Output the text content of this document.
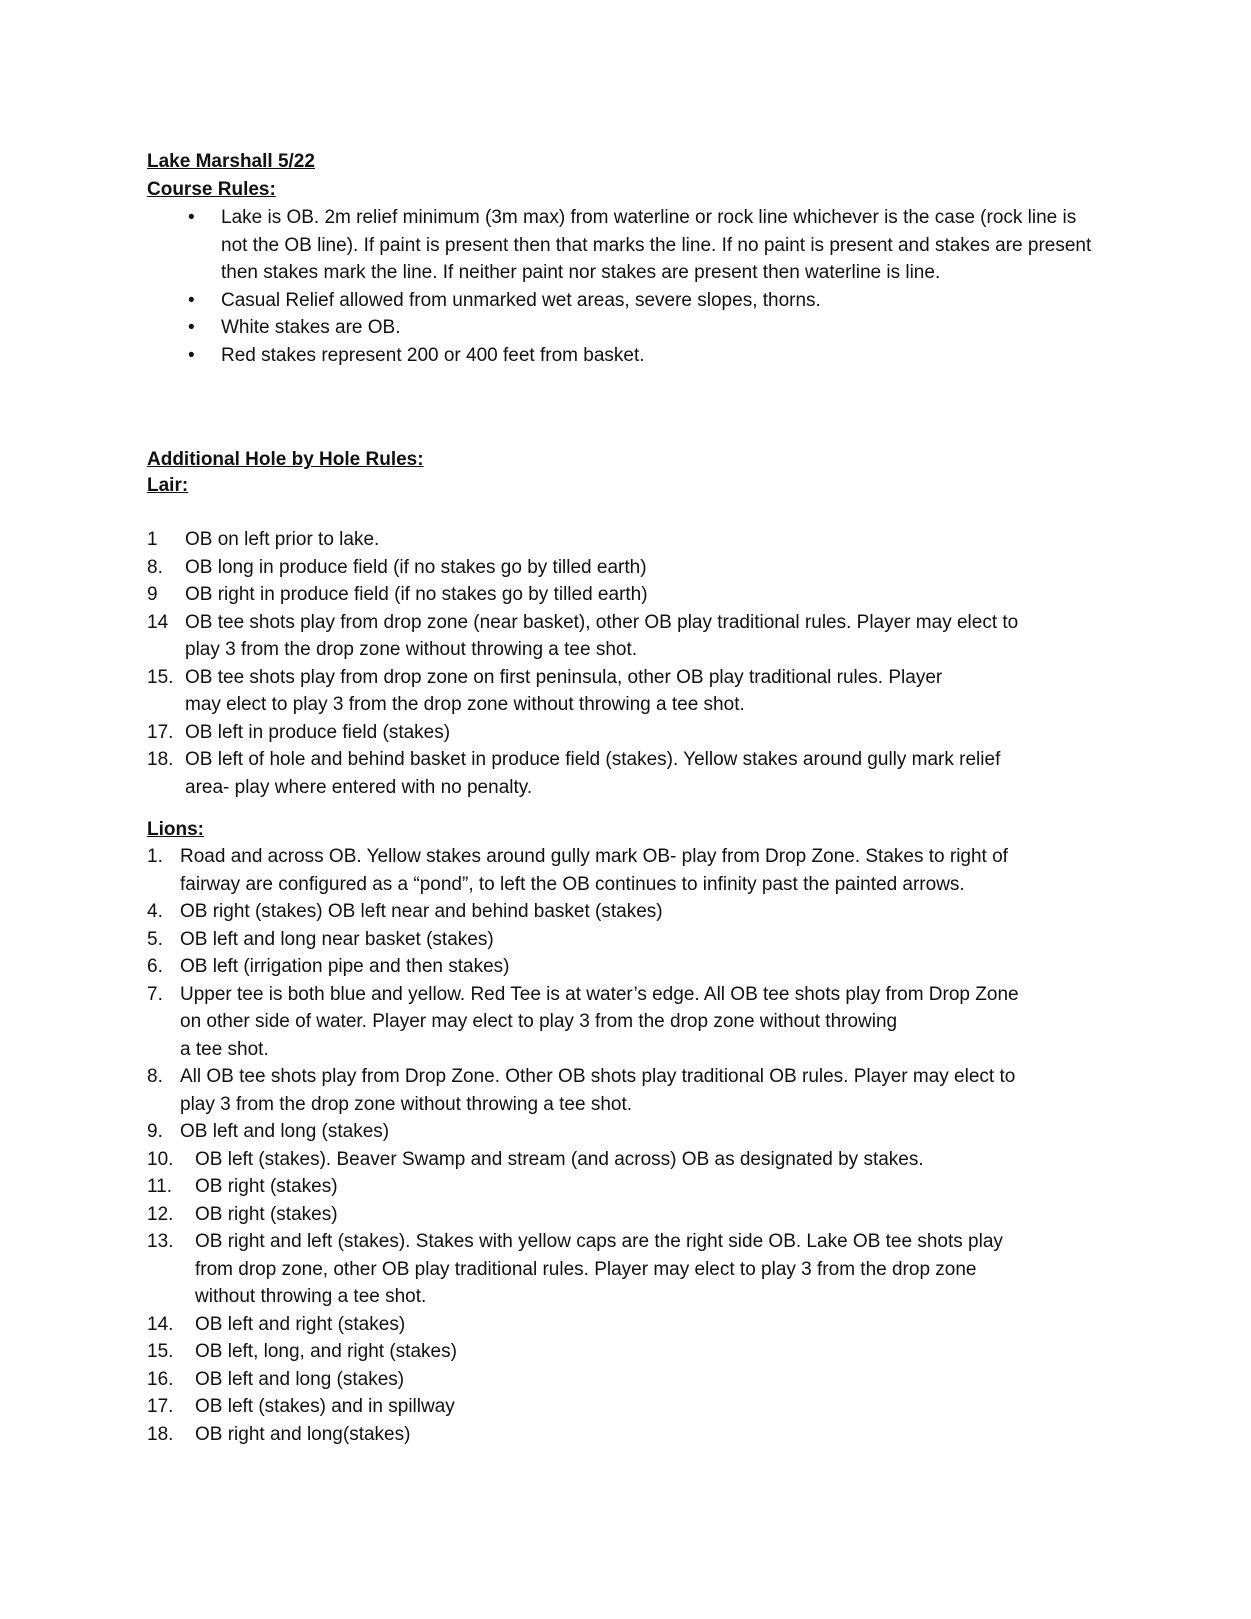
Lake Marshall 5/22
Course Rules:
• Lake is OB. 2m relief minimum (3m max) from waterline or rock line whichever is the case (rock line is not the OB line). If paint is present then that marks the line. If no paint is present and stakes are present then stakes mark the line. If neither paint nor stakes are present then waterline is line.
• Casual Relief allowed from unmarked wet areas, severe slopes, thorns.
• White stakes are OB.
• Red stakes represent 200 or 400 feet from basket.
Additional Hole by Hole Rules:
Lair:
1	OB on left prior to lake.
8.	OB long in produce field (if no stakes go by tilled earth)
9	OB right in produce field (if no stakes go by tilled earth)
14 OB tee shots play from drop zone (near basket), other OB play traditional rules. Player may elect to
play 3 from the drop zone without throwing a tee shot.
15. OB tee shots play from drop zone on first peninsula, other OB play traditional rules. Player
may elect to play 3 from the drop zone without throwing a tee shot.
17. OB left in produce field (stakes)
18. OB left of hole and behind basket in produce field (stakes). Yellow stakes around gully mark relief
area- play where entered with no penalty.
Lions:
1. Road and across OB. Yellow stakes around gully mark OB- play from Drop Zone. Stakes to right of
fairway are configured as a “pond”, to left the OB continues to infinity past the painted arrows.
4. OB right (stakes) OB left near and behind basket (stakes)
5. OB left and long near basket (stakes)
6. OB left (irrigation pipe and then stakes)
7. Upper tee is both blue and yellow. Red Tee is at water’s edge. All OB tee shots play from Drop Zone
on other side of water. Player may elect to play 3 from the drop zone without throwing
a tee shot.
8. All OB tee shots play from Drop Zone. Other OB shots play traditional OB rules. Player may elect to
play 3 from the drop zone without throwing a tee shot.
9. OB left and long (stakes)
10.	OB left (stakes). Beaver Swamp and stream (and across) OB as designated by stakes.
11.	OB right (stakes)
12.	OB right (stakes)
13.	OB right and left (stakes). Stakes with yellow caps are the right side OB. Lake OB tee shots play
from drop zone, other OB play traditional rules. Player may elect to play 3 from the drop zone
without throwing a tee shot.
14.	OB left and right (stakes)
15.	OB left, long, and right (stakes)
16.	OB left and long (stakes)
17.	OB left (stakes) and in spillway
18.	OB right and long(stakes)
